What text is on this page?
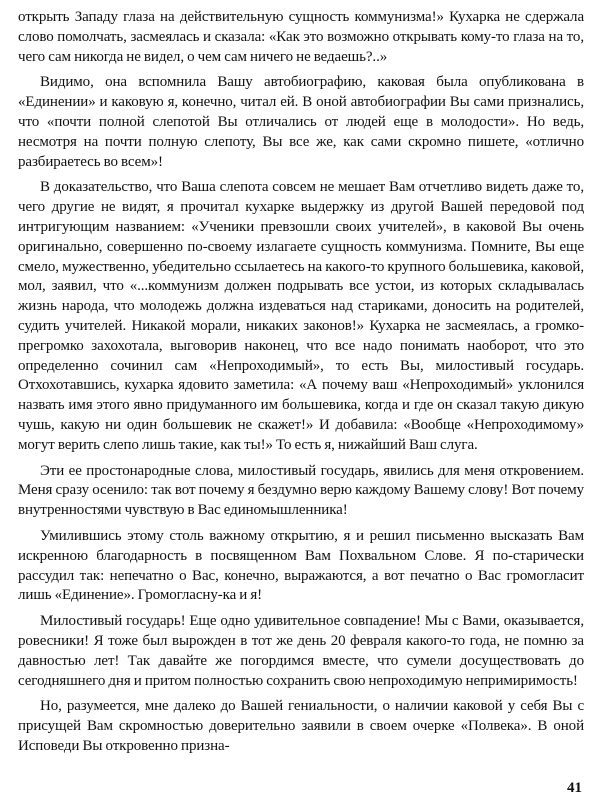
открыть Западу глаза на действительную сущность коммунизма!» Кухарка не сдержала слово помолчать, засмеялась и сказала: «Как это возможно открывать кому-то глаза на то, чего сам никогда не видел, о чем сам ничего не ведаешь?..»

Видимо, она вспомнила Вашу автобиографию, каковая была опубликована в «Единении» и каковую я, конечно, читал ей. В оной автобиографии Вы сами признались, что «почти полной слепотой Вы отличались от людей еще в молодости». Но ведь, несмотря на почти полную слепоту, Вы все же, как сами скромно пишете, «отлично разбираетесь во всем»!

В доказательство, что Ваша слепота совсем не мешает Вам отчетливо видеть даже то, чего другие не видят, я прочитал кухарке выдержку из другой Вашей передовой под интригующим названием: «Ученики превзошли своих учителей», в каковой Вы очень оригинально, совершенно по-своему излагаете сущность коммунизма. Помните, Вы еще смело, мужественно, убедительно ссылаетесь на какого-то крупного большевика, каковой, мол, заявил, что «...коммунизм должен подрывать все устои, из которых складывалась жизнь народа, что молодежь должна издеваться над стариками, доносить на родителей, судить учителей. Никакой морали, никаких законов!» Кухарка не засмеялась, а громко-прегромко захохотала, выговорив наконец, что все надо понимать наоборот, что это определенно сочинил сам «Непроходимый», то есть Вы, милостивый государь. Отхохотавшись, кухарка ядовито заметила: «А почему ваш «Непроходимый» уклонился назвать имя этого явно придуманного им большевика, когда и где он сказал такую дикую чушь, какую ни один большевик не скажет!» И добавила: «Вообще «Непроходимому» могут верить слепо лишь такие, как ты!» То есть я, нижайший Ваш слуга.

Эти ее простонародные слова, милостивый государь, явились для меня откровением. Меня сразу осенило: так вот почему я бездумно верю каждому Вашему слову! Вот почему внутренностями чувствую в Вас единомышленника!

Умилившись этому столь важному открытию, я и решил письменно высказать Вам искренною благодарность в посвященном Вам Похвальном Слове. Я по-старически рассудил так: непечатно о Вас, конечно, выражаются, а вот печатно о Вас громогласит лишь «Единение». Громогласну-ка и я!

Милостивый государь! Еще одно удивительное совпадение! Мы с Вами, оказывается, ровесники! Я тоже был вырожден в тот же день 20 февраля какого-то года, не помню за давностью лет! Так давайте же погордимся вместе, что сумели досуществовать до сегодняшнего дня и притом полностью сохранить свою непроходимую непримиримость!

Но, разумеется, мне далеко до Вашей гениальности, о наличии каковой у себя Вы с присущей Вам скромностью доверительно заявили в своем очерке «Полвека». В оной Исповеди Вы откровенно призна-

41
